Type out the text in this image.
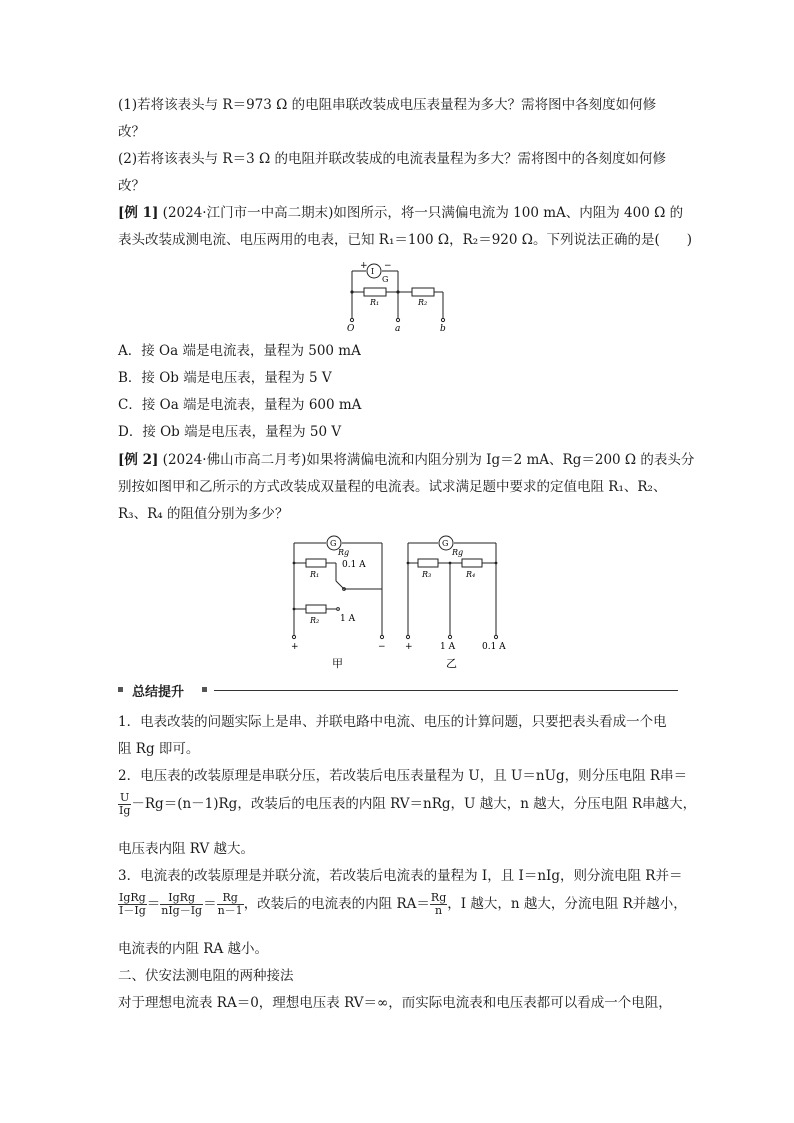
(1)若将该表头与 R＝973 Ω 的电阻串联改装成电压表量程为多大？需将图中各刻度如何修
改？
(2)若将该表头与 R＝3 Ω 的电阻并联改装成的电流表量程为多大？需将图中的各刻度如何修
改？
[例 1] (2024·江门市一中高二期末)如图所示，将一只满偏电流为 100 mA、内阻为 400 Ω 的
表头改装成测电流、电压两用的电表，已知 R₁＝100 Ω，R₂＝920 Ω。下列说法正确的是(　　)
+ −
G
R₁	R₂
O	a	b
I
A．接 Oa 端是电流表，量程为 500 mA
B．接 Ob 端是电压表，量程为 5 V
C．接 Oa 端是电流表，量程为 600 mA
D．接 Ob 端是电压表，量程为 50 V
[例 2] (2024·佛山市高二月考)如果将满偏电流和内阻分别为 Ig＝2 mA、Rg＝200 Ω 的表头分
别按如图甲和乙所示的方式改装成双量程的电流表。试求满足题中要求的定值电阻 R₁、R₂、
R₃、R₄ 的阻值分别为多少？
G
Rg
R₁
0.1 A
R₂ 1 A
+	−
甲
G
Rg
R₃	R₄
+	1 A	0.1 A
乙
总结提升
1．电表改装的问题实际上是串、并联电路中电流、电压的计算问题，只要把表头看成一个电
阻 Rg 即可。
2．电压表的改装原理是串联分压，若改装后电压表量程为 U，且 U＝nUg，则分压电阻 R串＝
$\frac{U}{Ig} -Rg=(n-1)Rg$，改装后的电压表的内阻 RV＝nRg，U 越大，n 越大，分压电阻 R串越大，
电压表内阻 RV 越大。
3．电流表的改装原理是并联分流，若改装后电流表的量程为 I，且 I＝nIg，则分流电阻 R并＝
$\frac{\text{IgRg}}{I-Ig} = \frac{\text{IgRg}}{\text{nIg－Ig}} = \frac{Rg}{n-1}$ ，改装后的电流表的内阻 $RA= \frac{Rg}{n}$ ，I 越大，n 越大，分流电阻 R并越小，
电流表的内阻 RA 越小。
二、伏安法测电阻的两种接法
对于理想电流表 RA＝0，理想电压表 RV＝∞，而实际电流表和电压表都可以看成一个电阻，
